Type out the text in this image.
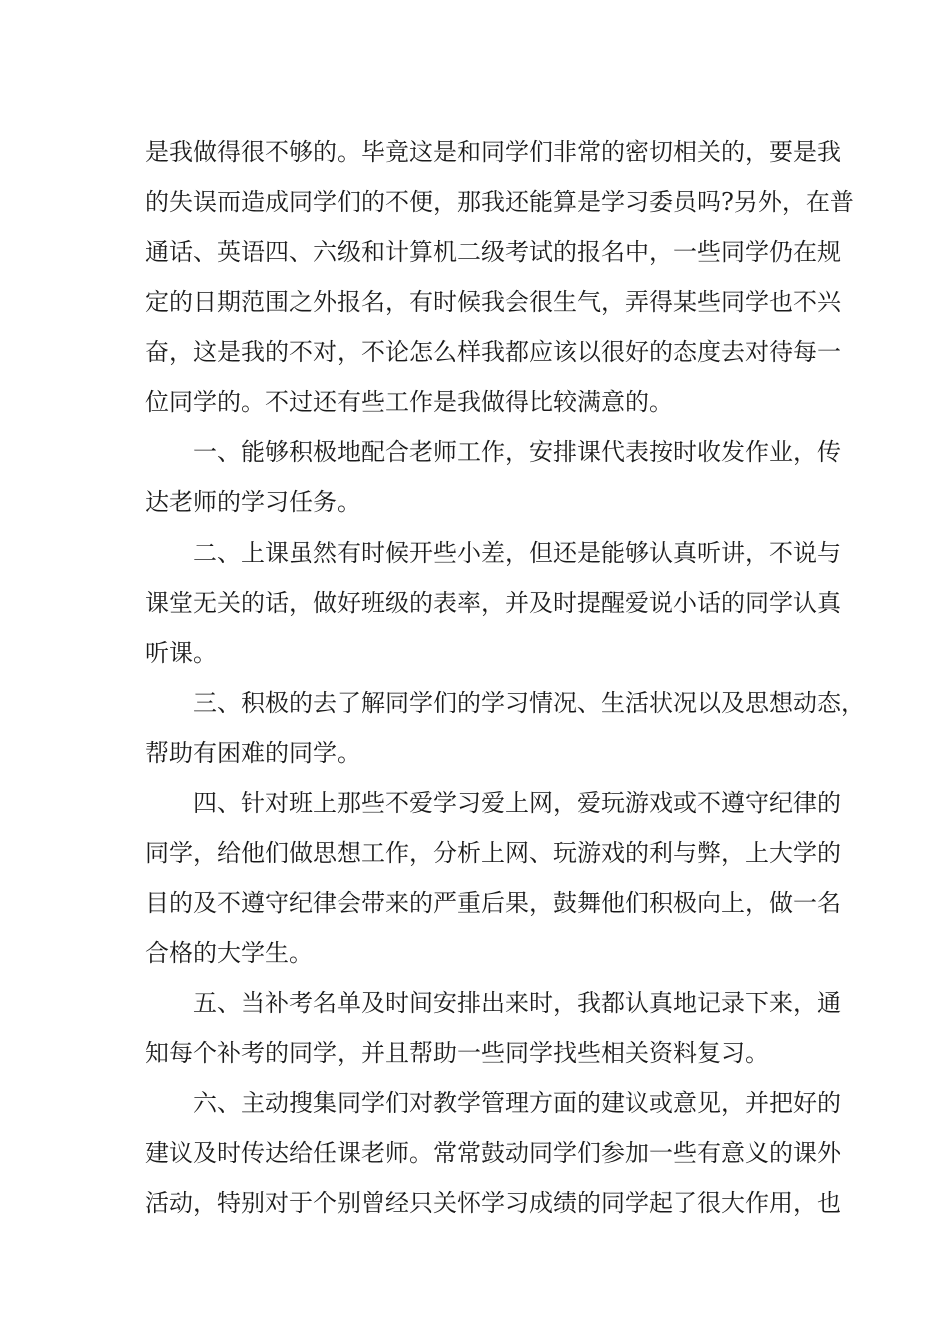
是我做得很不够的。毕竟这是和同学们非常的密切相关的，要是我

的失误而造成同学们的不便，那我还能算是学习委员吗?另外，在普

通话、英语四、六级和计算机二级考试的报名中，一些同学仍在规

定的日期范围之外报名，有时候我会很生气，弄得某些同学也不兴

奋，这是我的不对，不论怎么样我都应该以很好的态度去对待每一

位同学的。不过还有些工作是我做得比较满意的。

一、能够积极地配合老师工作，安排课代表按时收发作业，传

达老师的学习任务。

二、上课虽然有时候开些小差，但还是能够认真听讲，不说与

课堂无关的话，做好班级的表率，并及时提醒爱说小话的同学认真

听课。

三、积极的去了解同学们的学习情况、生活状况以及思想动态，

帮助有困难的同学。

四、针对班上那些不爱学习爱上网，爱玩游戏或不遵守纪律的

同学，给他们做思想工作，分析上网、玩游戏的利与弊，上大学的

目的及不遵守纪律会带来的严重后果，鼓舞他们积极向上，做一名

合格的大学生。

五、当补考名单及时间安排出来时，我都认真地记录下来，通

知每个补考的同学，并且帮助一些同学找些相关资料复习。

六、主动搜集同学们对教学管理方面的建议或意见，并把好的

建议及时传达给任课老师。常常鼓动同学们参加一些有意义的课外

活动，特别对于个别曾经只关怀学习成绩的同学起了很大作用，也
